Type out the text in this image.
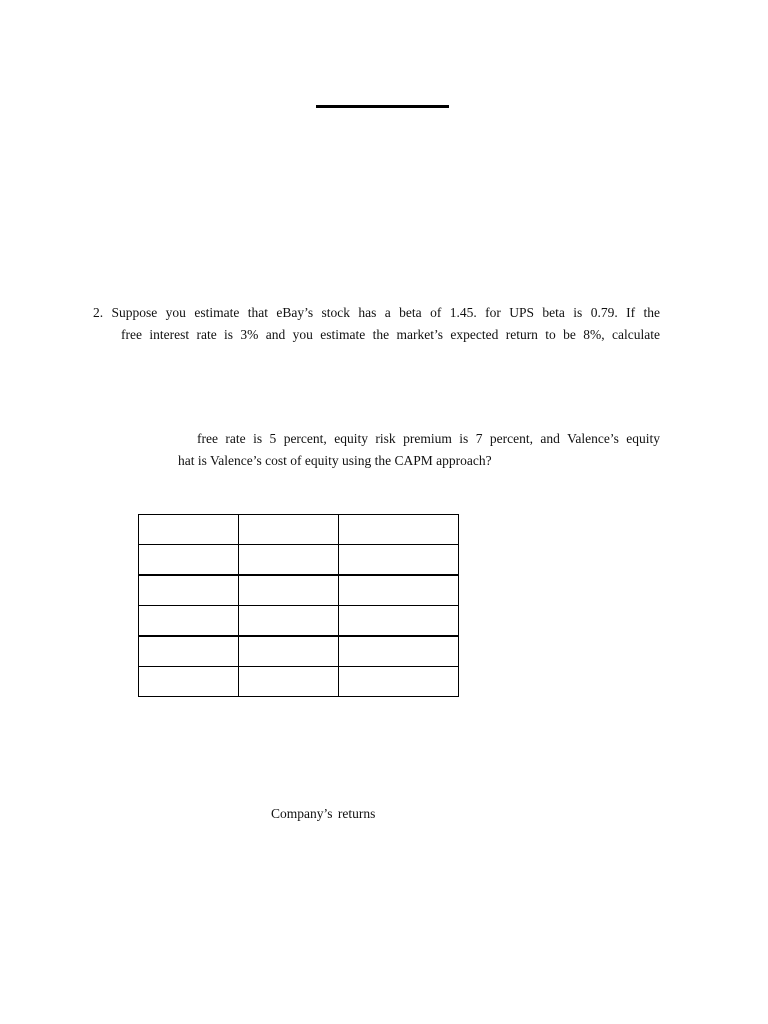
2. Suppose you estimate that eBay’s stock has a beta of 1.45. for UPS beta is 0.79. If the
free interest rate is 3% and you estimate the market’s expected return to be 8%, calculate
free rate is 5 percent, equity risk premium is 7 percent, and Valence’s equity
hat is Valence’s cost of equity using the CAPM approach?

Company’s returns
